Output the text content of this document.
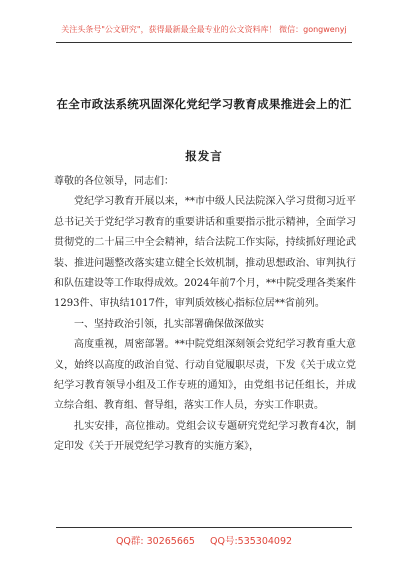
关注头条号"公文研究"，获得最新最全最专业的公文资料库！ 微信：gongwenyj
在全市政法系统巩固深化党纪学习教育成果推进会上的汇
报发言

尊敬的各位领导，同志们：

党纪学习教育开展以来，**市中级人民法院深入学习贯彻习近平总书记关于党纪学习教育的重要讲话和重要指示批示精神，全面学习贯彻党的二十届三中全会精神，结合法院工作实际，持续抓好理论武装、推进问题整改落实建立健全长效机制，推动思想政治、审判执行和队伍建设等工作取得成效。2024年前7个月，**中院受理各类案件1293件、审执结1017件，审判质效核心指标位居**省前列。

一、坚持政治引领，扎实部署确保做深做实

高度重视，周密部署。**中院党组深刻领会党纪学习教育重大意义，始终以高度的政治自觉、行动自觉履职尽责，下发《关于成立党纪学习教育领导小组及工作专班的通知》，由党组书记任组长，并成立综合组、教育组、督导组，落实工作人员，夯实工作职责。

扎实安排，高位推动。党组会议专题研究党纪学习教育4次，制定印发《关于开展党纪学习教育的实施方案》，

QQ群: 30265665 QQ号:535304092
